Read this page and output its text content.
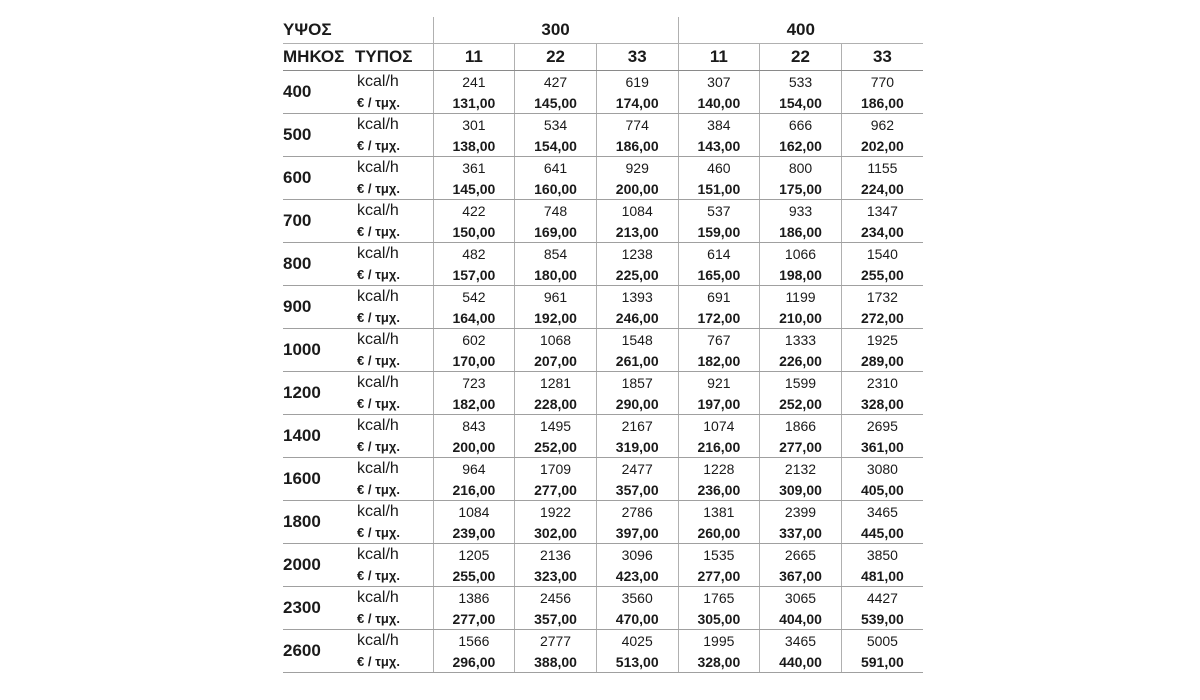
ΥΨΟΣ		300			400		
ΜΗΚΟΣ	ΤΥΠΟΣ	11	22	33	11	22	33
400	kcal/h	241	427	619	307	533	770
	€ / τμχ.	131,00	145,00	174,00	140,00	154,00	186,00
500	kcal/h	301	534	774	384	666	962
	€ / τμχ.	138,00	154,00	186,00	143,00	162,00	202,00
600	kcal/h	361	641	929	460	800	1155
	€ / τμχ.	145,00	160,00	200,00	151,00	175,00	224,00
700	kcal/h	422	748	1084	537	933	1347
	€ / τμχ.	150,00	169,00	213,00	159,00	186,00	234,00
800	kcal/h	482	854	1238	614	1066	1540
	€ / τμχ.	157,00	180,00	225,00	165,00	198,00	255,00
900	kcal/h	542	961	1393	691	1199	1732
	€ / τμχ.	164,00	192,00	246,00	172,00	210,00	272,00
1000	kcal/h	602	1068	1548	767	1333	1925
	€ / τμχ.	170,00	207,00	261,00	182,00	226,00	289,00
1200	kcal/h	723	1281	1857	921	1599	2310
	€ / τμχ.	182,00	228,00	290,00	197,00	252,00	328,00
1400	kcal/h	843	1495	2167	1074	1866	2695
	€ / τμχ.	200,00	252,00	319,00	216,00	277,00	361,00
1600	kcal/h	964	1709	2477	1228	2132	3080
	€ / τμχ.	216,00	277,00	357,00	236,00	309,00	405,00
1800	kcal/h	1084	1922	2786	1381	2399	3465
	€ / τμχ.	239,00	302,00	397,00	260,00	337,00	445,00
2000	kcal/h	1205	2136	3096	1535	2665	3850
	€ / τμχ.	255,00	323,00	423,00	277,00	367,00	481,00
2300	kcal/h	1386	2456	3560	1765	3065	4427
	€ / τμχ.	277,00	357,00	470,00	305,00	404,00	539,00
2600	kcal/h	1566	2777	4025	1995	3465	5005
	€ / τμχ.	296,00	388,00	513,00	328,00	440,00	591,00
